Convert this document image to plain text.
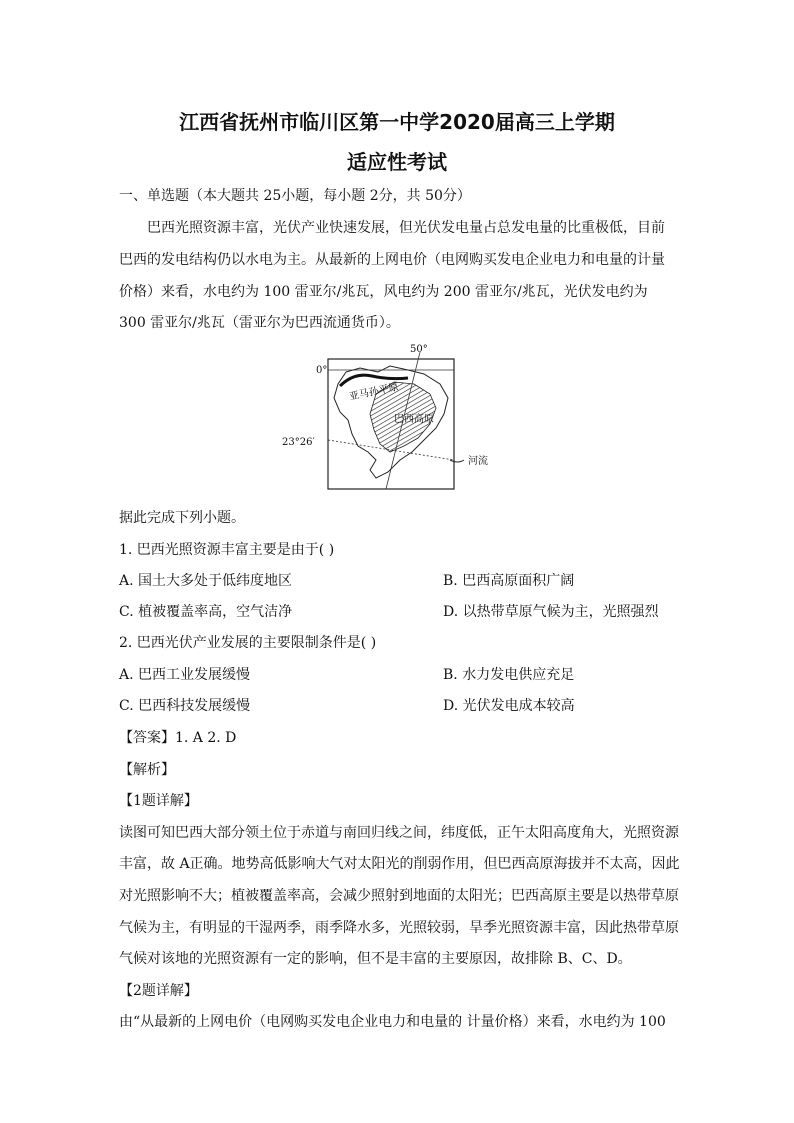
江西省抚州市临川区第一中学2020届高三上学期
适应性考试
一、单选题（本大题共 25小题，每小题 2分，共 50分）
巴西光照资源丰富，光伏产业快速发展，但光伏发电量占总发电量的比重极低，目前
巴西的发电结构仍以水电为主。从最新的上网电价（电网购买发电企业电力和电量的计量
价格）来看，水电约为 100 雷亚尔/兆瓦，风电约为 200 雷亚尔/兆瓦，光伏发电约为
300 雷亚尔/兆瓦（雷亚尔为巴西流通货币）。
50°
0°
23°26′
亚马孙平原
巴西高原
河流
据此完成下列小题。
1. 巴西光照资源丰富主要是由于( )
A. 国土大多处于低纬度地区	B. 巴西高原面积广阔
C. 植被覆盖率高，空气洁净	D. 以热带草原气候为主，光照强烈
2. 巴西光伏产业发展的主要限制条件是( )
A. 巴西工业发展缓慢	B. 水力发电供应充足
C. 巴西科技发展缓慢	D. 光伏发电成本较高
【答案】1. A 2. D
【解析】
【1题详解】
读图可知巴西大部分领土位于赤道与南回归线之间，纬度低，正午太阳高度角大，光照资源
丰富，故 A正确。地势高低影响大气对太阳光的削弱作用，但巴西高原海拔并不太高，因此
对光照影响不大；植被覆盖率高，会减少照射到地面的太阳光；巴西高原主要是以热带草原
气候为主，有明显的干湿两季，雨季降水多，光照较弱，旱季光照资源丰富，因此热带草原
气候对该地的光照资源有一定的影响，但不是丰富的主要原因，故排除 B、C、D。
【2题详解】
由“从最新的上网电价（电网购买发电企业电力和电量的 计量价格）来看，水电约为 100
